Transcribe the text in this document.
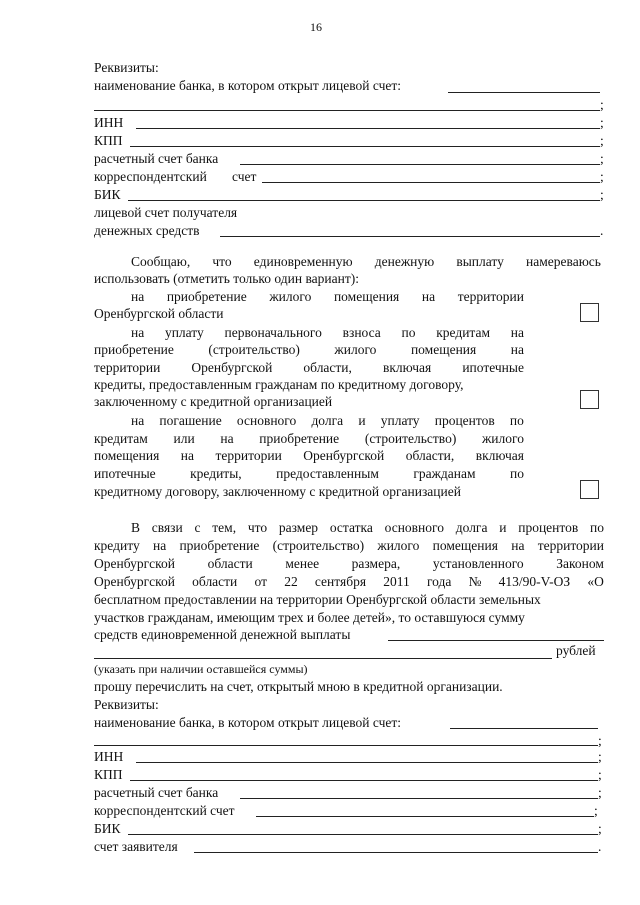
16
Реквизиты:
наименование банка, в котором открыт лицевой счет:
;
ИНН	;
КПП	;
расчетный счет банка	;
корреспондентский счет	;
БИК	;
лицевой счет получателя
денежных средств	.
Сообщаю, что единовременную денежную выплату намереваюсь
использовать (отметить только один вариант):
на приобретение жилого помещения на территории
Оренбургской области
на уплату первоначального взноса по кредитам на
приобретение	(строительство)	жилого	помещения	на
территории Оренбургской области, включая ипотечные
кредиты, предоставленным гражданам по кредитному договору,
заключенному с кредитной организацией
на погашение основного долга и уплату процентов по
кредитам или на приобретение (строительство) жилого
помещения на территории Оренбургской области, включая
ипотечные	кредиты,	предоставленным	гражданам	по
кредитному договору, заключенному с кредитной организацией
В связи с тем, что размер остатка основного долга и процентов по
кредиту на приобретение (строительство) жилого помещения на территории
Оренбургской области менее размера, установленного Законом
Оренбургской области от 22 сентября 2011 года № 413/90-V-ОЗ «О
бесплатном предоставлении на территории Оренбургской области земельных
участков гражданам, имеющим трех и более детей», то оставшуюся сумму
средств единовременной денежной выплаты
рублей
(указать при наличии оставшейся суммы)
прошу перечислить на счет, открытый мною в кредитной организации.
Реквизиты:
наименование банка, в котором открыт лицевой счет:
;
ИНН	;
КПП	;
расчетный счет банка	;
корреспондентский счет	;
БИК	;
счет заявителя	.
